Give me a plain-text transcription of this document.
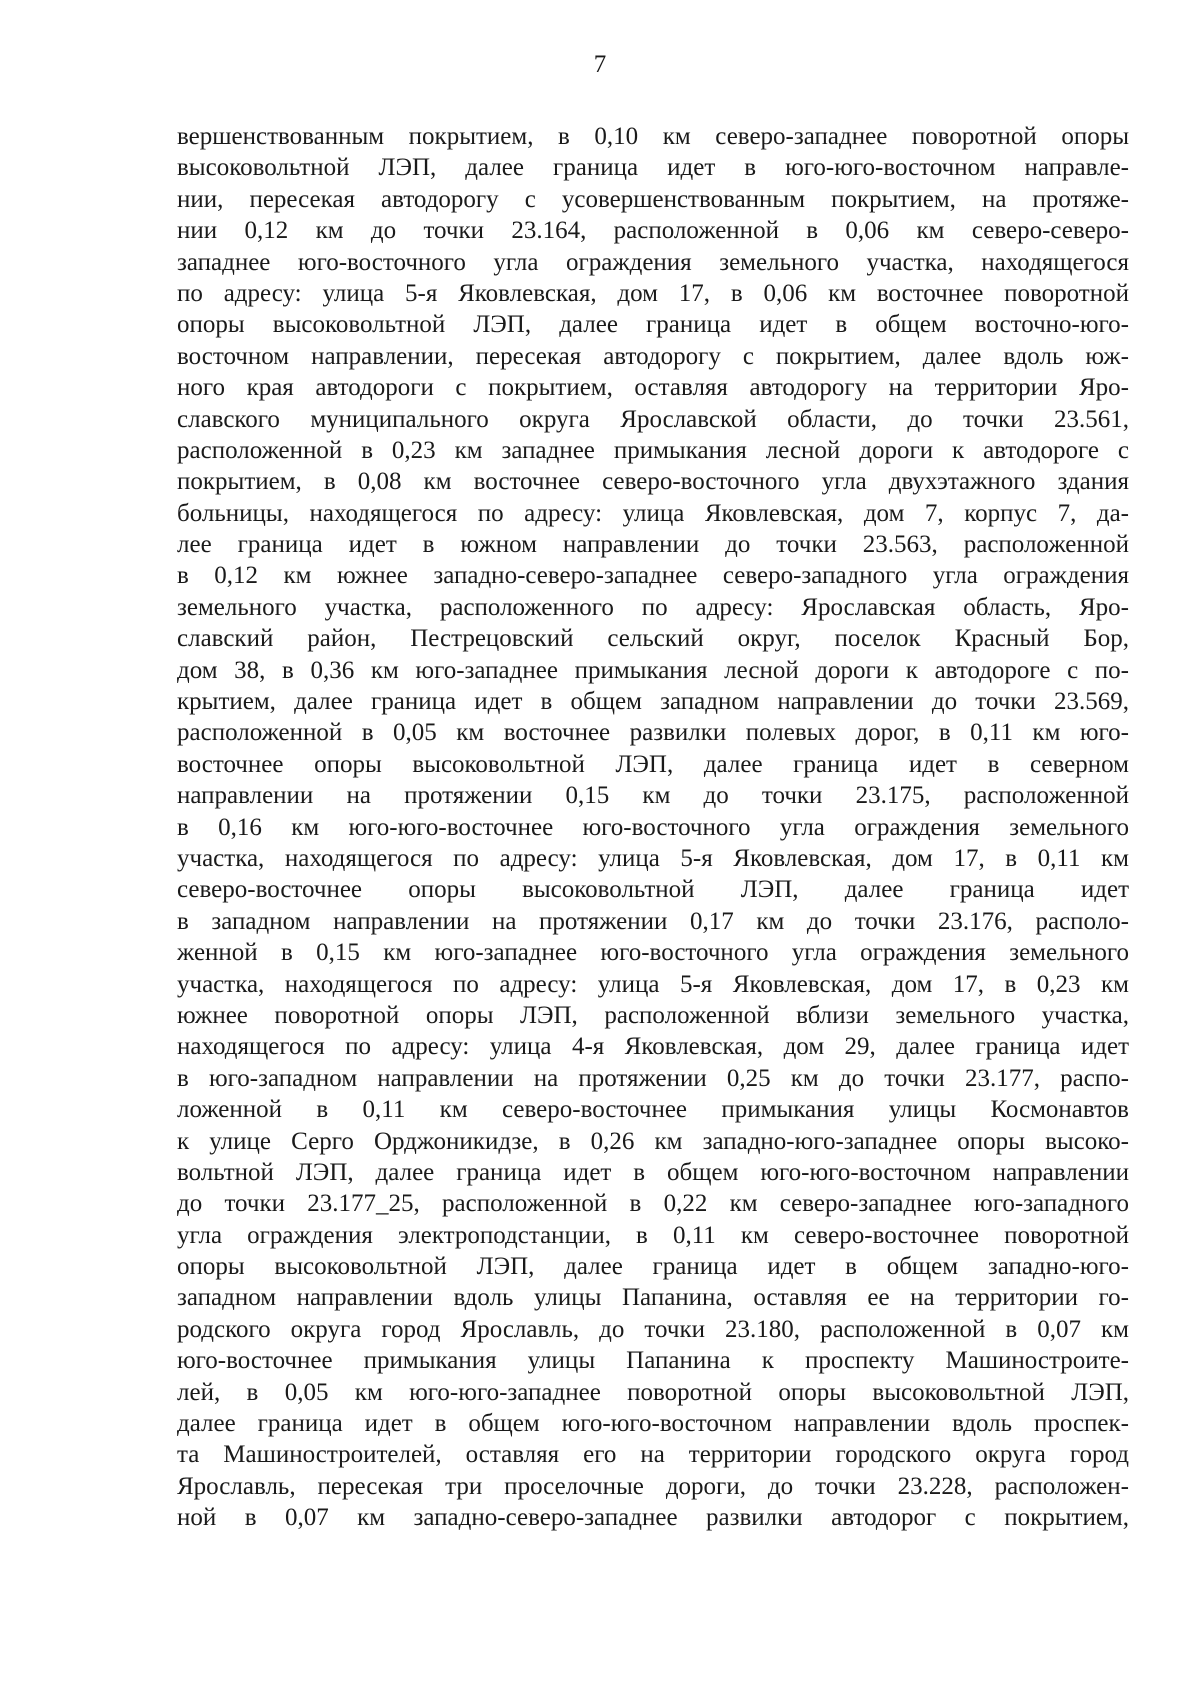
7
вершенствованным покрытием, в 0,10 км северо-западнее поворотной опоры
высоковольтной ЛЭП, далее граница идет в юго-юго-восточном направле-
нии, пересекая автодорогу с усовершенствованным покрытием, на протяже-
нии 0,12 км до точки 23.164, расположенной в 0,06 км северо-северо-
западнее юго-восточного угла ограждения земельного участка, находящегося
по адресу: улица 5-я Яковлевская, дом 17, в 0,06 км восточнее поворотной
опоры высоковольтной ЛЭП, далее граница идет в общем восточно-юго-
восточном направлении, пересекая автодорогу с покрытием, далее вдоль юж-
ного края автодороги с покрытием, оставляя автодорогу на территории Яро-
славского муниципального округа Ярославской области, до точки 23.561,
расположенной в 0,23 км западнее примыкания лесной дороги к автодороге с
покрытием, в 0,08 км восточнее северо-восточного угла двухэтажного здания
больницы, находящегося по адресу: улица Яковлевская, дом 7, корпус 7, да-
лее граница идет в южном направлении до точки 23.563, расположенной
в 0,12 км южнее западно-северо-западнее северо-западного угла ограждения
земельного участка, расположенного по адресу: Ярославская область, Яро-
славский район, Пестрецовский сельский округ, поселок Красный Бор,
дом 38, в 0,36 км юго-западнее примыкания лесной дороги к автодороге с по-
крытием, далее граница идет в общем западном направлении до точки 23.569,
расположенной в 0,05 км восточнее развилки полевых дорог, в 0,11 км юго-
восточнее опоры высоковольтной ЛЭП, далее граница идет в северном
направлении на протяжении 0,15 км до точки 23.175, расположенной
в 0,16 км юго-юго-восточнее юго-восточного угла ограждения земельного
участка, находящегося по адресу: улица 5-я Яковлевская, дом 17, в 0,11 км
северо-восточнее опоры высоковольтной ЛЭП, далее граница идет
в западном направлении на протяжении 0,17 км до точки 23.176, располо-
женной в 0,15 км юго-западнее юго-восточного угла ограждения земельного
участка, находящегося по адресу: улица 5-я Яковлевская, дом 17, в 0,23 км
южнее поворотной опоры ЛЭП, расположенной вблизи земельного участка,
находящегося по адресу: улица 4-я Яковлевская, дом 29, далее граница идет
в юго-западном направлении на протяжении 0,25 км до точки 23.177, распо-
ложенной в 0,11 км северо-восточнее примыкания улицы Космонавтов
к улице Серго Орджоникидзе, в 0,26 км западно-юго-западнее опоры высоко-
вольтной ЛЭП, далее граница идет в общем юго-юго-восточном направлении
до точки 23.177_25, расположенной в 0,22 км северо-западнее юго-западного
угла ограждения электроподстанции, в 0,11 км северо-восточнее поворотной
опоры высоковольтной ЛЭП, далее граница идет в общем западно-юго-
западном направлении вдоль улицы Папанина, оставляя ее на территории го-
родского округа город Ярославль, до точки 23.180, расположенной в 0,07 км
юго-восточнее примыкания улицы Папанина к проспекту Машиностроите-
лей, в 0,05 км юго-юго-западнее поворотной опоры высоковольтной ЛЭП,
далее граница идет в общем юго-юго-восточном направлении вдоль проспек-
та Машиностроителей, оставляя его на территории городского округа город
Ярославль, пересекая три проселочные дороги, до точки 23.228, расположен-
ной в 0,07 км западно-северо-западнее развилки автодорог с покрытием,
